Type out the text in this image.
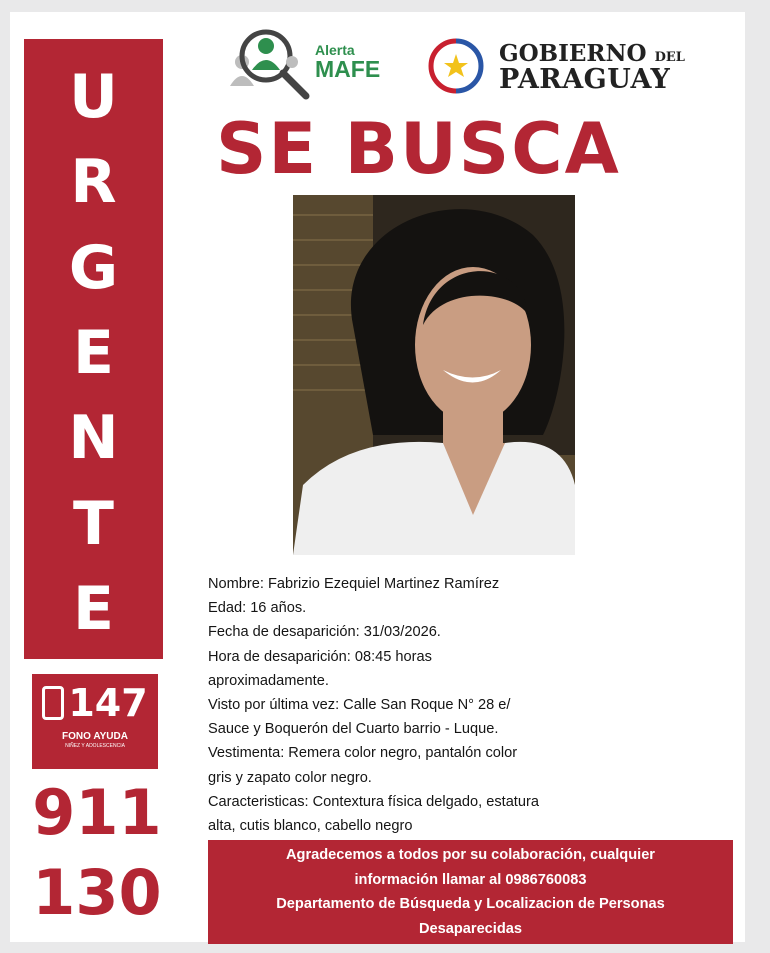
U
R
G
E
N
T
E
147
FONO AYUDA
NIÑEZ Y ADOLESCENCIA
911
130
Alerta
MAFE
GOBIERNO DEL
PARAGUAY
SE BUSCA
Nombre: Fabrizio Ezequiel Martinez Ramírez
Edad: 16 años.
Fecha de desaparición: 31/03/2026.
Hora de desaparición: 08:45 horas
aproximadamente.
Visto por última vez: Calle San Roque N° 28 e/
Sauce y Boquerón del Cuarto barrio - Luque.
Vestimenta: Remera color negro, pantalón color
gris y zapato color negro.
Caracteristicas: Contextura física delgado, estatura
alta, cutis blanco, cabello negro
Agradecemos a todos por su colaboración, cualquier
información llamar al 0986760083
Departamento de Búsqueda y Localizacion de Personas
Desaparecidas
